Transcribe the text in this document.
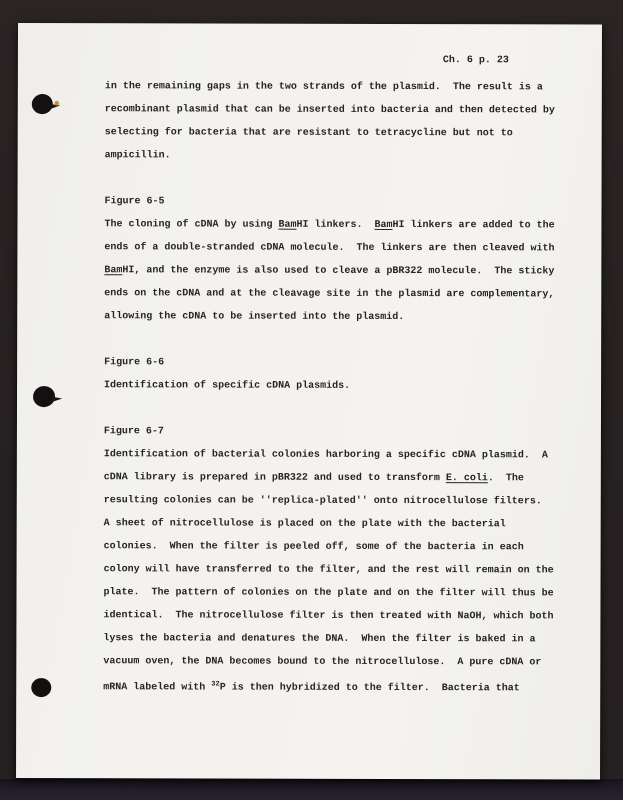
Ch. 6 p. 23
in the remaining gaps in the two strands of the plasmid.  The result is a
recombinant plasmid that can be inserted into bacteria and then detected by
selecting for bacteria that are resistant to tetracycline but not to
ampicillin.
Figure 6-5
The cloning of cDNA by using BamHI linkers.  BamHI linkers are added to the
ends of a double-stranded cDNA molecule.  The linkers are then cleaved with
BamHI, and the enzyme is also used to cleave a pBR322 molecule.  The sticky
ends on the cDNA and at the cleavage site in the plasmid are complementary,
allowing the cDNA to be inserted into the plasmid.
Figure 6-6
Identification of specific cDNA plasmids.
Figure 6-7
Identification of bacterial colonies harboring a specific cDNA plasmid.  A
cDNA library is prepared in pBR322 and used to transform E. coli.  The
resulting colonies can be ''replica-plated'' onto nitrocellulose filters.
A sheet of nitrocellulose is placed on the plate with the bacterial
colonies.  When the filter is peeled off, some of the bacteria in each
colony will have transferred to the filter, and the rest will remain on the
plate.  The pattern of colonies on the plate and on the filter will thus be
identical.  The nitrocellulose filter is then treated with NaOH, which both
lyses the bacteria and denatures the DNA.  When the filter is baked in a
vacuum oven, the DNA becomes bound to the nitrocellulose.  A pure cDNA or
mRNA labeled with $^{32}$P is then hybridized to the filter.  Bacteria that
